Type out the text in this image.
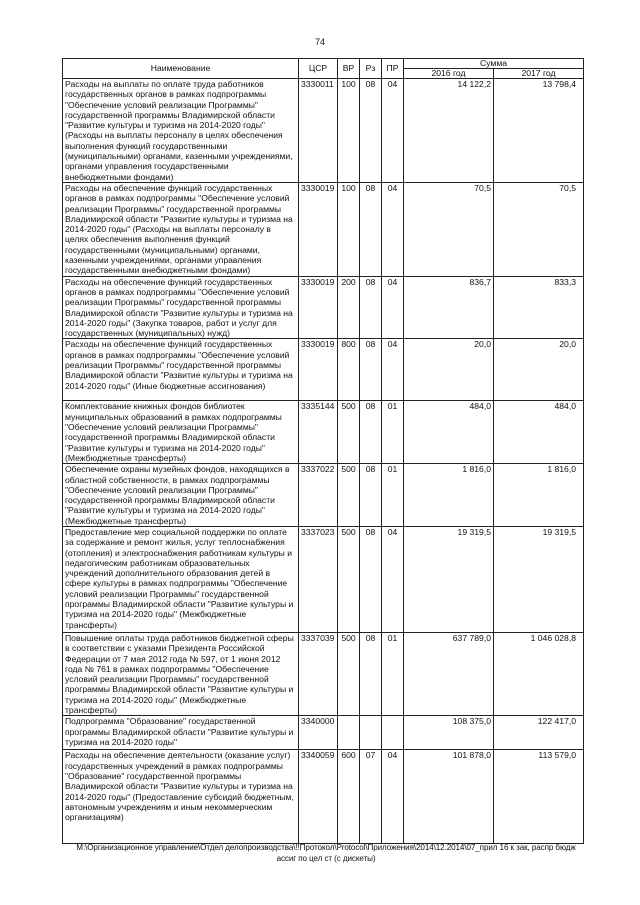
74
Наименование	ЦСР	ВР	Рз	ПР	Сумма	
					2016 год	2017 год
Расходы на выплаты по оплате труда работников государственных органов в рамках подпрограммы "Обеспечение условий реализации Программы" государственной программы Владимирской области "Развитие культуры и туризма на 2014-2020 годы" (Расходы на выплаты персоналу в целях обеспечения выполнения функций государственными (муниципальными) органами, казенными учреждениями, органами управления государственными внебюджетными фондами)	3330011	100	08	04	14 122,2	13 798,4
Расходы на обеспечение функций государственных органов в рамках подпрограммы "Обеспечение условий реализации Программы" государственной программы Владимирской области "Развитие культуры и туризма на 2014-2020 годы" (Расходы на выплаты персоналу в целях обеспечения выполнения функций государственными (муниципальными) органами, казенными учреждениями, органами управления государственными внебюджетными фондами)	3330019	100	08	04	70,5	70,5
Расходы на обеспечение функций государственных органов в рамках подпрограммы "Обеспечение условий реализации Программы" государственной программы Владимирской области "Развитие культуры и туризма на 2014-2020 годы" (Закупка товаров, работ и услуг для государственных (муниципальных) нужд)	3330019	200	08	04	836,7	833,3
Расходы на обеспечение функций государственных органов в рамках подпрограммы "Обеспечение условий реализации Программы" государственной программы Владимирской области "Развитие культуры и туризма на 2014-2020 годы" (Иные бюджетные ассигнования)	3330019	800	08	04	20,0	20,0
Комплектование книжных фондов библиотек муниципальных образований в рамках подпрограммы "Обеспечение условий реализации Программы" государственной программы Владимирской области "Развитие культуры и туризма на 2014-2020 годы" (Межбюджетные трансферты)	3335144	500	08	01	484,0	484,0
Обеспечение охраны музейных фондов, находящихся в областной собственности, в рамках подпрограммы "Обеспечение условий реализации Программы" государственной программы Владимирской области "Развитие культуры и туризма на 2014-2020 годы" (Межбюджетные трансферты)	3337022	500	08	01	1 816,0	1 816,0
Предоставление мер социальной поддержки по оплате за содержание и ремонт жилья, услуг теплоснабжения (отопления) и электроснабжения работникам культуры и педагогическим работникам образовательных учреждений дополнительного образования детей в сфере культуры в рамках подпрограммы "Обеспечение условий реализации Программы" государственной программы Владимирской области "Развитие культуры и туризма на 2014-2020 годы" (Межбюджетные трансферты)	3337023	500	08	04	19 319,5	19 319,5
Повышение оплаты труда работников бюджетной сферы в соответствии с указами Президента Российской Федерации от 7 мая 2012 года № 597, от 1 июня 2012 года № 761 в рамках подпрограммы "Обеспечение условий реализации Программы" государственной программы Владимирской области "Развитие культуры и туризма на 2014-2020 годы" (Межбюджетные трансферты)	3337039	500	08	01	637 789,0	1 046 028,8
Подпрограмма "Образование" государственной программы Владимирской области "Развитие культуры и туризма на 2014-2020 годы"	3340000				108 375,0	122 417,0
Расходы на обеспечение деятельности (оказание услуг) государственных учреждений в рамках подпрограммы "Образование" государственной программы Владимирской области "Развитие культуры и туризма на 2014-2020 годы" (Предоставление субсидий бюджетным, автономным учреждениям и иным некоммерческим организациям)	3340059	600	07	04	101 878,0	113 579,0
M:\Организационное управление\Отдел делопроизводства\!!Протокол\Protocol\Приложения\2014\12.2014\07_прил 16 к зак, распр бюдж ассиг по цел ст (с дискеты)
